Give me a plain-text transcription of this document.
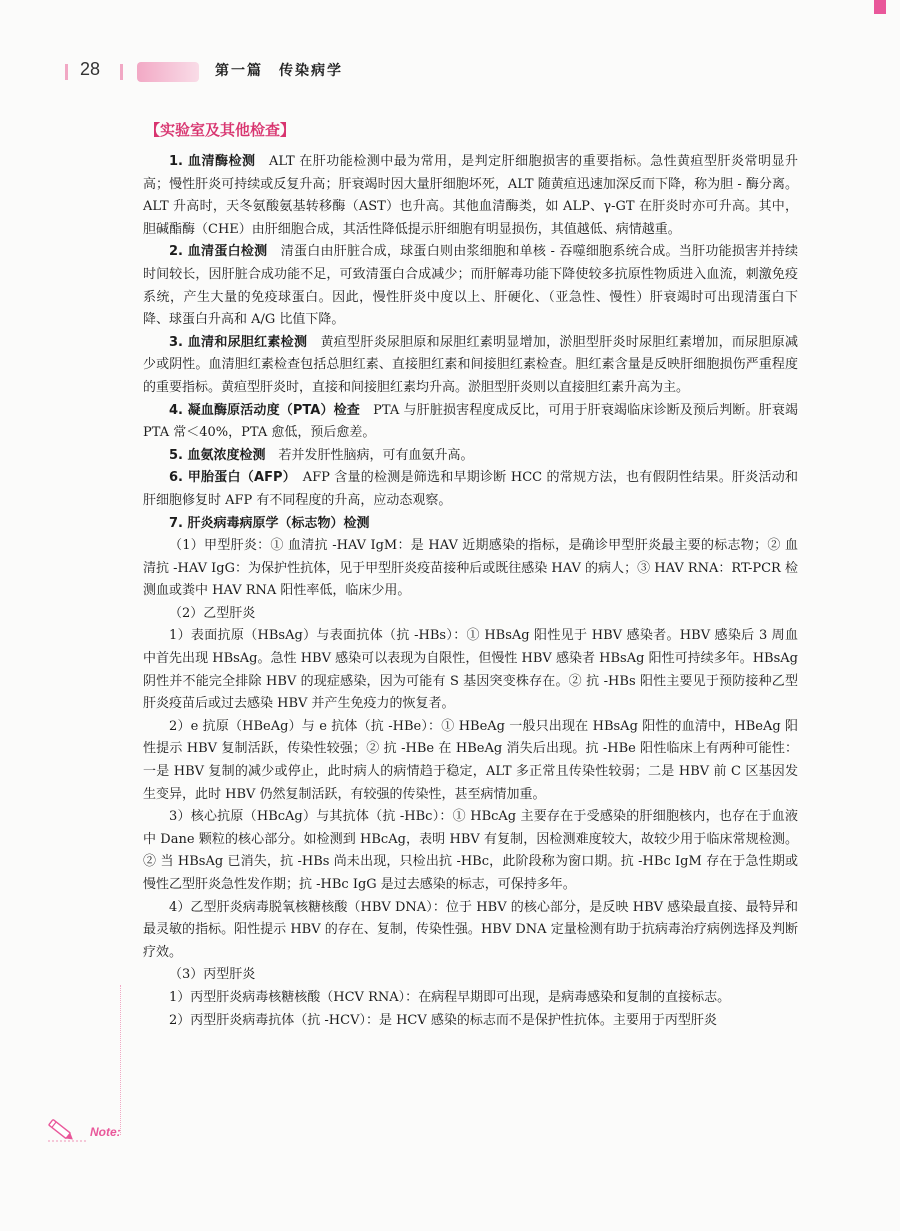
28	第一篇　传染病学
【实验室及其他检查】

1. 血清酶检测　ALT 在肝功能检测中最为常用，是判定肝细胞损害的重要指标。急性黄疸型肝炎常明显升高；慢性肝炎可持续或反复升高；肝衰竭时因大量肝细胞坏死，ALT 随黄疸迅速加深反而下降，称为胆 - 酶分离。ALT 升高时，天冬氨酸氨基转移酶（AST）也升高。其他血清酶类，如 ALP、γ-GT 在肝炎时亦可升高。其中，胆碱酯酶（CHE）由肝细胞合成，其活性降低提示肝细胞有明显损伤，其值越低、病情越重。

2. 血清蛋白检测　清蛋白由肝脏合成，球蛋白则由浆细胞和单核 - 吞噬细胞系统合成。当肝功能损害并持续时间较长，因肝脏合成功能不足，可致清蛋白合成减少；而肝解毒功能下降使较多抗原性物质进入血流，刺激免疫系统，产生大量的免疫球蛋白。因此，慢性肝炎中度以上、肝硬化、（亚急性、慢性）肝衰竭时可出现清蛋白下降、球蛋白升高和 A/G 比值下降。

3. 血清和尿胆红素检测　黄疸型肝炎尿胆原和尿胆红素明显增加，淤胆型肝炎时尿胆红素增加，而尿胆原减少或阴性。血清胆红素检查包括总胆红素、直接胆红素和间接胆红素检查。胆红素含量是反映肝细胞损伤严重程度的重要指标。黄疸型肝炎时，直接和间接胆红素均升高。淤胆型肝炎则以直接胆红素升高为主。

4. 凝血酶原活动度（PTA）检查　PTA 与肝脏损害程度成反比，可用于肝衰竭临床诊断及预后判断。肝衰竭 PTA 常＜40%，PTA 愈低，预后愈差。

5. 血氨浓度检测　若并发肝性脑病，可有血氨升高。

6. 甲胎蛋白（AFP）　AFP 含量的检测是筛选和早期诊断 HCC 的常规方法，也有假阴性结果。肝炎活动和肝细胞修复时 AFP 有不同程度的升高，应动态观察。

7. 肝炎病毒病原学（标志物）检测

（1）甲型肝炎：① 血清抗 -HAV IgM：是 HAV 近期感染的指标，是确诊甲型肝炎最主要的标志物；② 血清抗 -HAV IgG：为保护性抗体，见于甲型肝炎疫苗接种后或既往感染 HAV 的病人；③ HAV RNA：RT-PCR 检测血或粪中 HAV RNA 阳性率低，临床少用。

（2）乙型肝炎

1）表面抗原（HBsAg）与表面抗体（抗 -HBs）：① HBsAg 阳性见于 HBV 感染者。HBV 感染后 3 周血中首先出现 HBsAg。急性 HBV 感染可以表现为自限性，但慢性 HBV 感染者 HBsAg 阳性可持续多年。HBsAg 阴性并不能完全排除 HBV 的现症感染，因为可能有 S 基因突变株存在。② 抗 -HBs 阳性主要见于预防接种乙型肝炎疫苗后或过去感染 HBV 并产生免疫力的恢复者。

2）e 抗原（HBeAg）与 e 抗体（抗 -HBe）：① HBeAg 一般只出现在 HBsAg 阳性的血清中，HBeAg 阳性提示 HBV 复制活跃，传染性较强；② 抗 -HBe 在 HBeAg 消失后出现。抗 -HBe 阳性临床上有两种可能性：一是 HBV 复制的减少或停止，此时病人的病情趋于稳定，ALT 多正常且传染性较弱；二是 HBV 前 C 区基因发生变异，此时 HBV 仍然复制活跃，有较强的传染性，甚至病情加重。

3）核心抗原（HBcAg）与其抗体（抗 -HBc）：① HBcAg 主要存在于受感染的肝细胞核内，也存在于血液中 Dane 颗粒的核心部分。如检测到 HBcAg，表明 HBV 有复制，因检测难度较大，故较少用于临床常规检测。② 当 HBsAg 已消失，抗 -HBs 尚未出现，只检出抗 -HBc，此阶段称为窗口期。抗 -HBc IgM 存在于急性期或慢性乙型肝炎急性发作期；抗 -HBc IgG 是过去感染的标志，可保持多年。

4）乙型肝炎病毒脱氧核糖核酸（HBV DNA）：位于 HBV 的核心部分，是反映 HBV 感染最直接、最特异和最灵敏的指标。阳性提示 HBV 的存在、复制，传染性强。HBV DNA 定量检测有助于抗病毒治疗病例选择及判断疗效。

（3）丙型肝炎

1）丙型肝炎病毒核糖核酸（HCV RNA）：在病程早期即可出现，是病毒感染和复制的直接标志。

2）丙型肝炎病毒抗体（抗 -HCV）：是 HCV 感染的标志而不是保护性抗体。主要用于丙型肝炎

Note:
